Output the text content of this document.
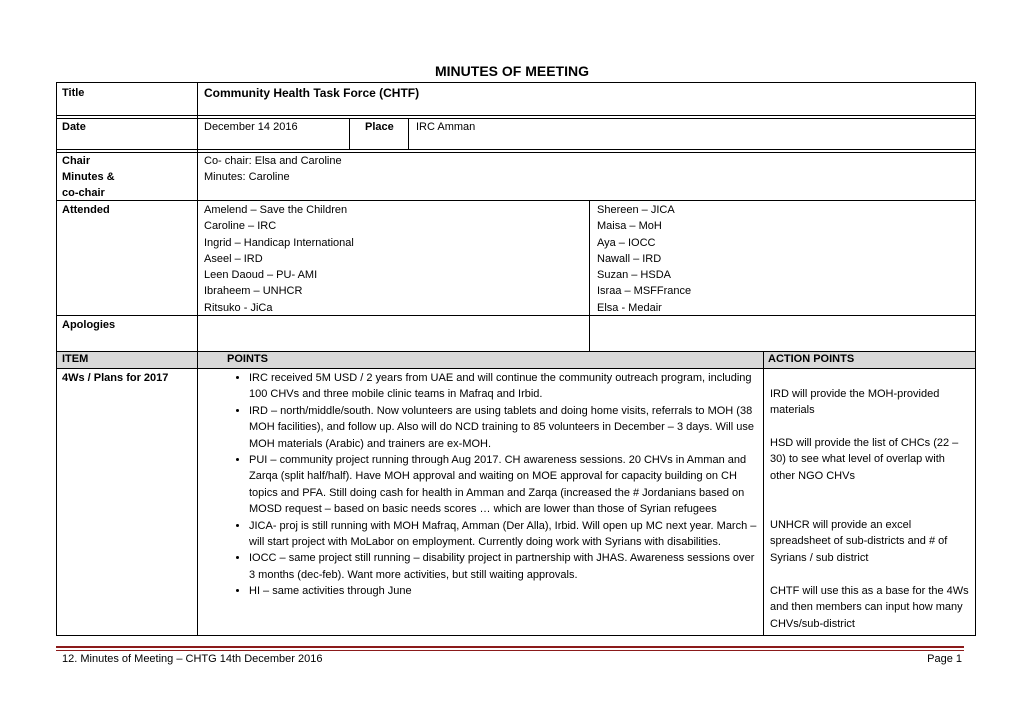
MINUTES OF MEETING
Title	Community Health Task Force (CHTF)
Date	December 14 2016	Place IRC Amman
Chair
Minutes &
co-chair
Co- chair: Elsa and Caroline
Minutes: Caroline
Attended	Amelend – Save the Children
Caroline – IRC
Ingrid – Handicap International
Aseel – IRD
Leen Daoud – PU- AMI
Ibraheem – UNHCR
Ritsuko - JiCa
Shereen – JICA
Maisa – MoH
Aya – IOCC
Nawall – IRD
Suzan – HSDA
Israa – MSFFrance
Elsa - Medair
Apologies
ITEM	POINTS	ACTION POINTS
4Ws / Plans for 2017
•	IRC received 5M USD / 2 years from UAE and will continue the community outreach program, including 100 CHVs and three mobile clinic teams in Mafraq and Irbid.
• IRD – north/middle/south. Now volunteers are using tablets and doing home visits, referrals to MOH (38 MOH facilities), and follow up. Also will do NCD training to 85 volunteers in December – 3 days. Will use MOH materials (Arabic) and trainers are ex-MOH.
• PUI – community project running through Aug 2017. CH awareness sessions. 20 CHVs in Amman and Zarqa (split half/half). Have MOH approval and waiting on MOE approval for capacity building on CH topics and PFA. Still doing cash for health in Amman and Zarqa (increased the # Jordanians based on MOSD request – based on basic needs scores … which are lower than those of Syrian refugees
• JICA- proj is still running with MOH Mafraq, Amman (Der Alla), Irbid. Will open up MC next year. March – will start project with MoLabor on employment. Currently doing work with Syrians with disabilities.
• IOCC – same project still running – disability project in partnership with JHAS. Awareness sessions over 3 months (dec-feb). Want more activities, but still waiting approvals.
• HI – same activities through June
IRD will provide the MOH-provided materials
HSD will provide the list of CHCs (22 – 30) to see what level of overlap with other NGO CHVs
UNHCR will provide an excel spreadsheet of sub-districts and # of Syrians / sub district
CHTF will use this as a base for the 4Ws and then members can input how many CHVs/sub-district
12. Minutes of Meeting – CHTG 14th December 2016	Page 1
